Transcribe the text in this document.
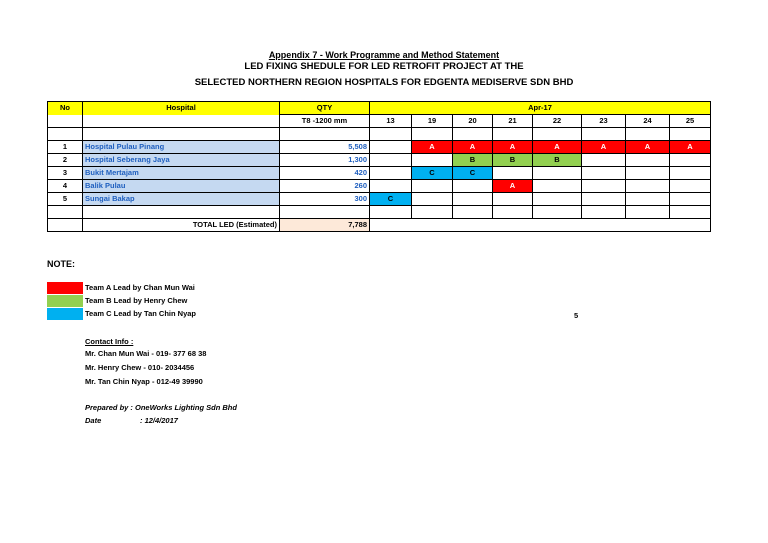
Appendix 7 - Work Programme and Method Statement
LED FIXING SHEDULE FOR LED RETROFIT PROJECT AT THE
SELECTED NORTHERN REGION HOSPITALS FOR EDGENTA MEDISERVE SDN BHD
No	Hospital	QTY	Apr-17							
		T8 -1200 mm	13	19	20	21	22	23	24	25

1	Hospital Pulau Pinang	5,508		A	A	A	A	A	A	A
2	Hospital Seberang Jaya	1,300			B	B	B			
3	Bukit Mertajam	420		C	C					
4	Balik Pulau	260				A				
5	Sungai Bakap	300	C							

	TOTAL LED (Estimated)	7,788								
NOTE:
Team A Lead by Chan Mun Wai
Team B Lead by Henry Chew
Team C Lead by Tan Chin Nyap	5
Contact Info :
Mr. Chan Mun Wai - 019- 377 68 38
Mr. Henry Chew - 010- 2034456
Mr. Tan Chin Nyap - 012-49 39990
Prepared by : OneWorks Lighting Sdn Bhd
Date	: 12/4/2017
